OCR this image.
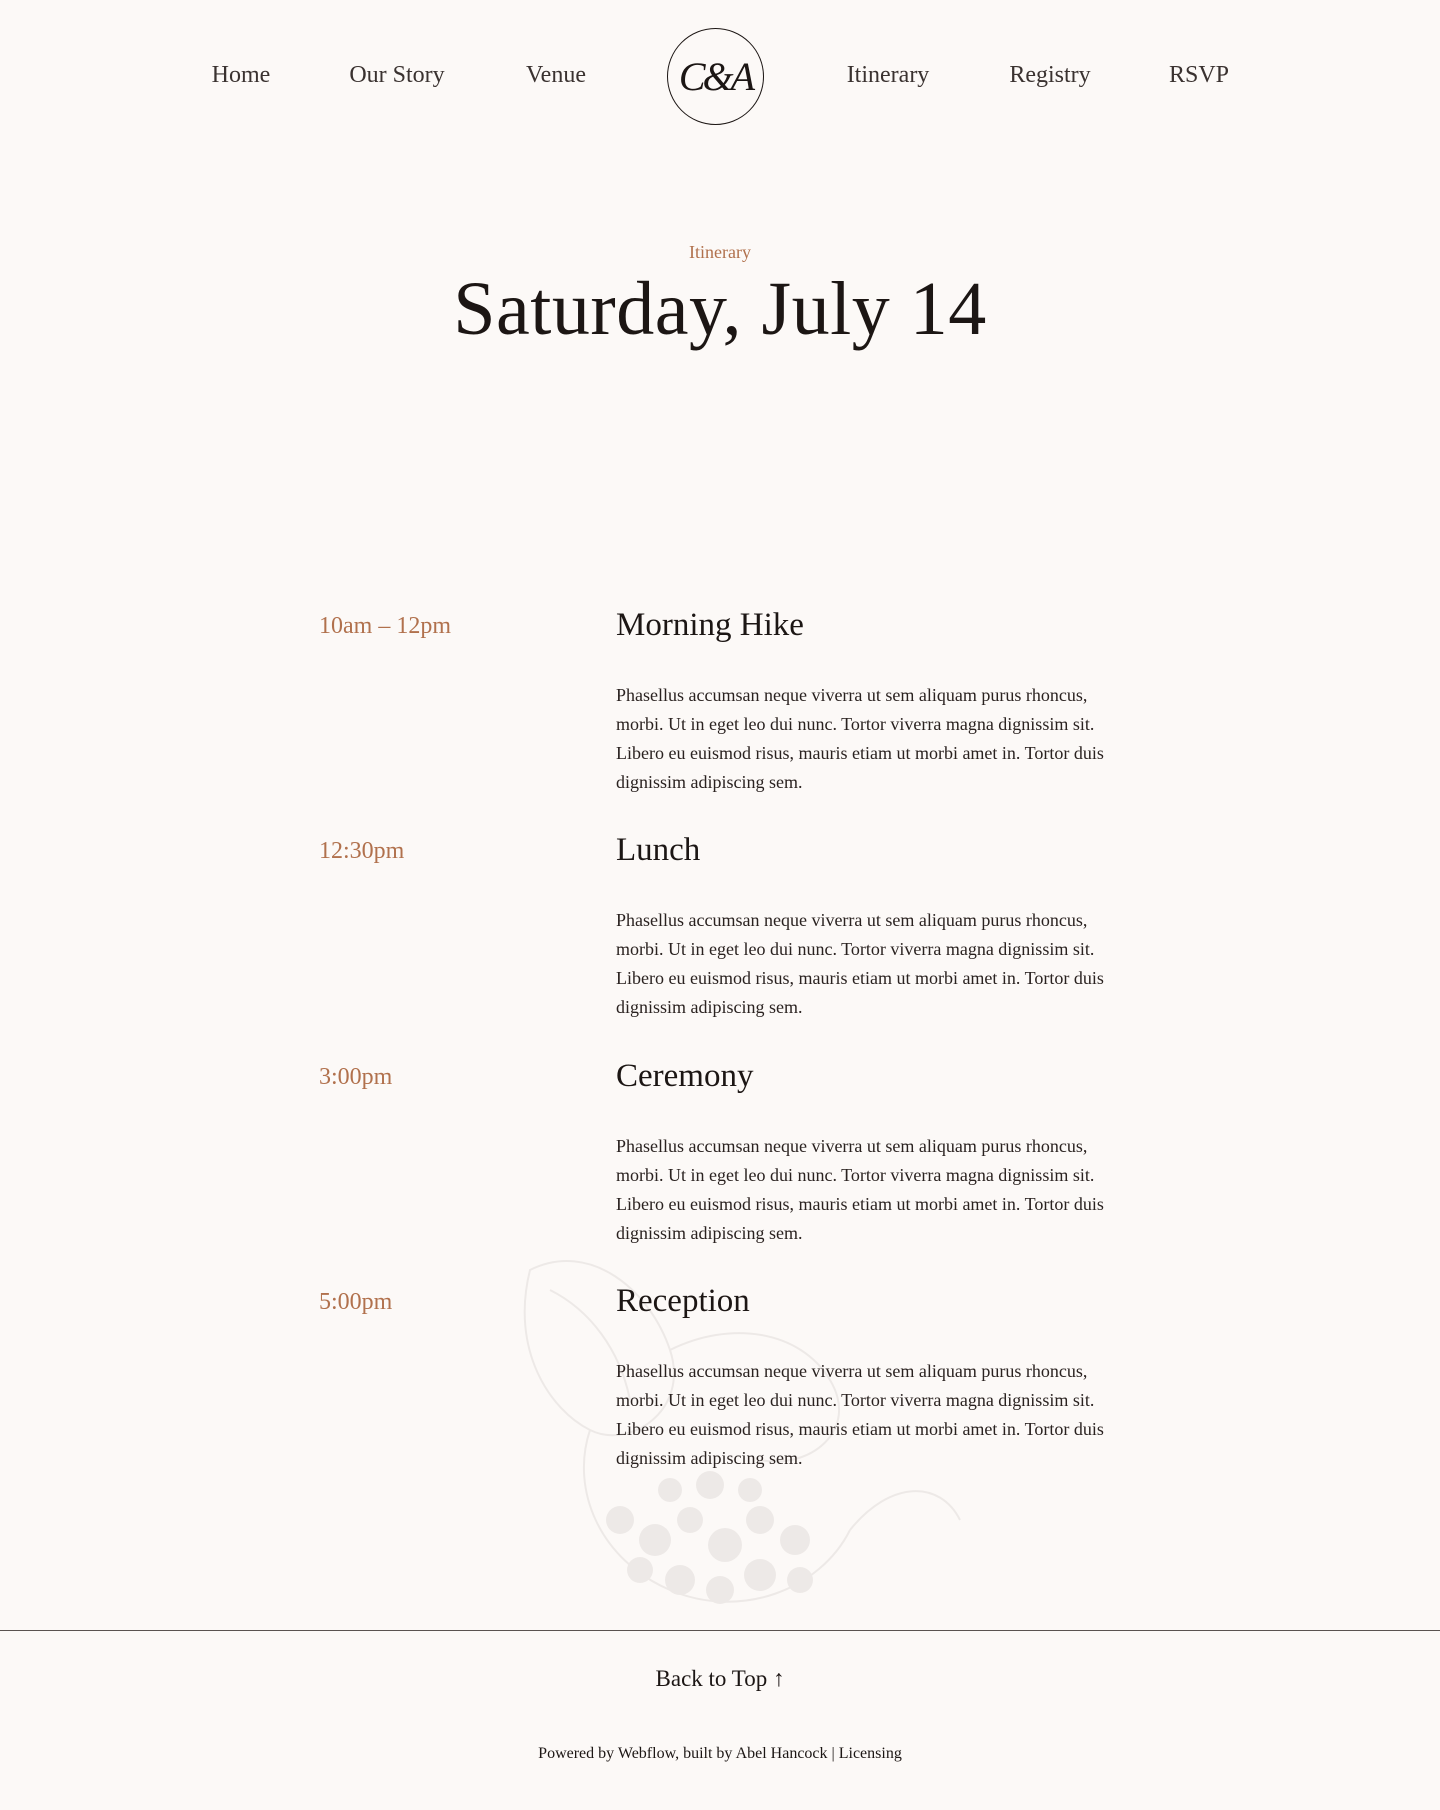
Home	Our Story	Venue C&A	Itinerary	Registry	RSVP
Itinerary
Saturday, July 14
10am – 12pm	Morning Hike

Phasellus accumsan neque viverra ut sem aliquam purus rhoncus, morbi. Ut in eget leo dui nunc. Tortor viverra magna dignissim sit. Libero eu euismod risus, mauris etiam ut morbi amet in. Tortor duis dignissim adipiscing sem.

12:30pm	Lunch

Phasellus accumsan neque viverra ut sem aliquam purus rhoncus, morbi. Ut in eget leo dui nunc. Tortor viverra magna dignissim sit. Libero eu euismod risus, mauris etiam ut morbi amet in. Tortor duis dignissim adipiscing sem.

3:00pm	Ceremony

Phasellus accumsan neque viverra ut sem aliquam purus rhoncus, morbi. Ut in eget leo dui nunc. Tortor viverra magna dignissim sit. Libero eu euismod risus, mauris etiam ut morbi amet in. Tortor duis dignissim adipiscing sem.

5:00pm	Reception

Phasellus accumsan neque viverra ut sem aliquam purus rhoncus, morbi. Ut in eget leo dui nunc. Tortor viverra magna dignissim sit. Libero eu euismod risus, mauris etiam ut morbi amet in. Tortor duis dignissim adipiscing sem.

Back to Top ↑
Powered by Webflow, built by Abel Hancock | Licensing
